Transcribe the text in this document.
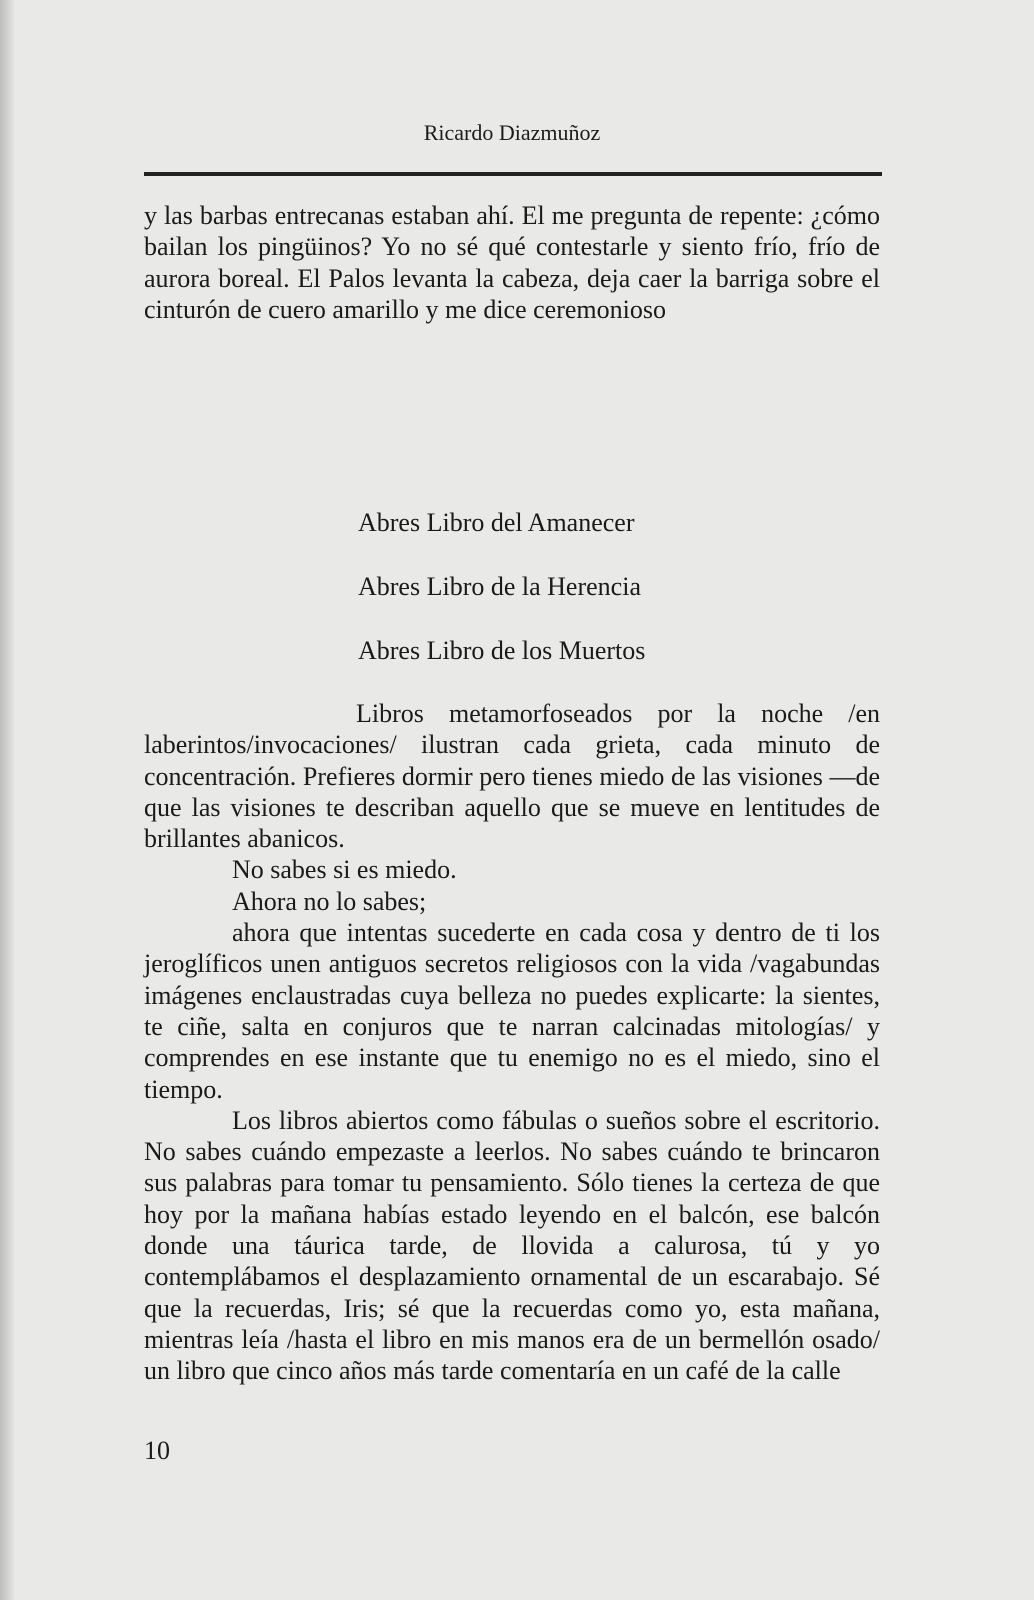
Ricardo Diazmuñoz

y las barbas entrecanas estaban ahí. El me pregunta de repente: ¿cómo bailan los pingüinos? Yo no sé qué contestarle y siento frío, frío de aurora boreal. El Palos levanta la cabeza, deja caer la barriga sobre el cinturón de cuero amarillo y me dice ceremonioso

Abres Libro del Amanecer
Abres Libro de la Herencia
Abres Libro de los Muertos

Libros metamorfoseados por la noche /en laberintos/invocaciones/ ilustran cada grieta, cada minuto de concentración. Prefieres dormir pero tienes miedo de las visiones —de que las visiones te describan aquello que se mueve en lentitudes de brillantes abanicos.

No sabes si es miedo.

Ahora no lo sabes;

ahora que intentas sucederte en cada cosa y dentro de ti los jeroglíficos unen antiguos secretos religiosos con la vida /vagabundas imágenes enclaustradas cuya belleza no puedes explicarte: la sientes, te ciñe, salta en conjuros que te narran calcinadas mitologías/ y comprendes en ese instante que tu enemigo no es el miedo, sino el tiempo.

Los libros abiertos como fábulas o sueños sobre el escritorio. No sabes cuándo empezaste a leerlos. No sabes cuándo te brincaron sus palabras para tomar tu pensamiento. Sólo tienes la certeza de que hoy por la mañana habías estado leyendo en el balcón, ese balcón donde una táurica tarde, de llovida a calurosa, tú y yo contemplábamos el desplazamiento ornamental de un escarabajo. Sé que la recuerdas, Iris; sé que la recuerdas como yo, esta mañana, mientras leía /hasta el libro en mis manos era de un bermellón osado/ un libro que cinco años más tarde comentaría en un café de la calle

10
